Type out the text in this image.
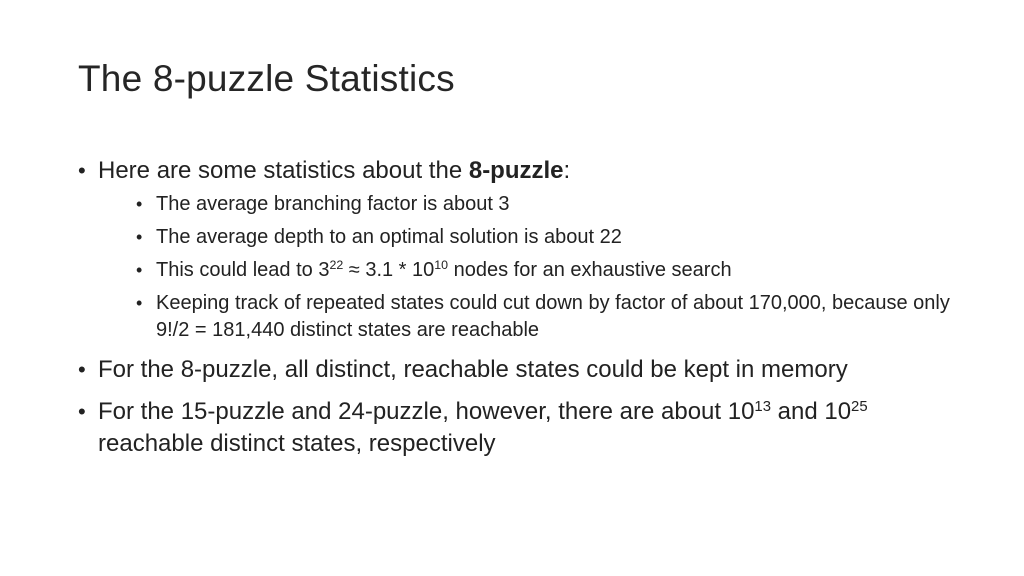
The 8-puzzle Statistics
• Here are some statistics about the 8-puzzle:
• The average branching factor is about 3
• The average depth to an optimal solution is about 22
• This could lead to $3^{22} \approx 3.1 * 10^{10}$ nodes for an exhaustive search
• Keeping track of repeated states could cut down by factor of about 170,000, because only 9!/2 = 181,440 distinct states are reachable
• For the 8-puzzle, all distinct, reachable states could be kept in memory
• For the 15-puzzle and 24-puzzle, however, there are about $10^{13}$ and $10^{25}$ reachable distinct states, respectively
